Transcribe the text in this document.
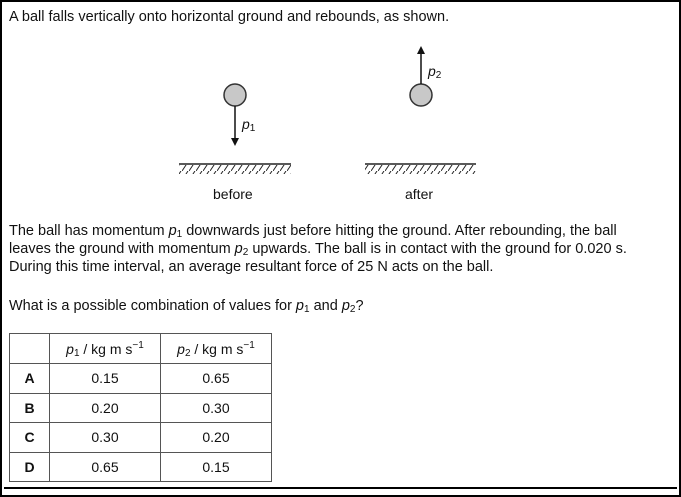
A ball falls vertically onto horizontal ground and rebounds, as shown.
$p_1$
$p_2$
before	after
The ball has momentum $p_1$ downwards just before hitting the ground. After rebounding, the ball
leaves the ground with momentum $p_2$ upwards. The ball is in contact with the ground for 0.020 s.
During this time interval, an average resultant force of 25 N acts on the ball.
What is a possible combination of values for $p_1$ and $p_2$?
	$p_1$ / kg m $s^{-1}$	$p_2$ / kg m $s^{-1}$
A	0.15	0.65
B	0.20	0.30
C	0.30	0.20
D	0.65	0.15
